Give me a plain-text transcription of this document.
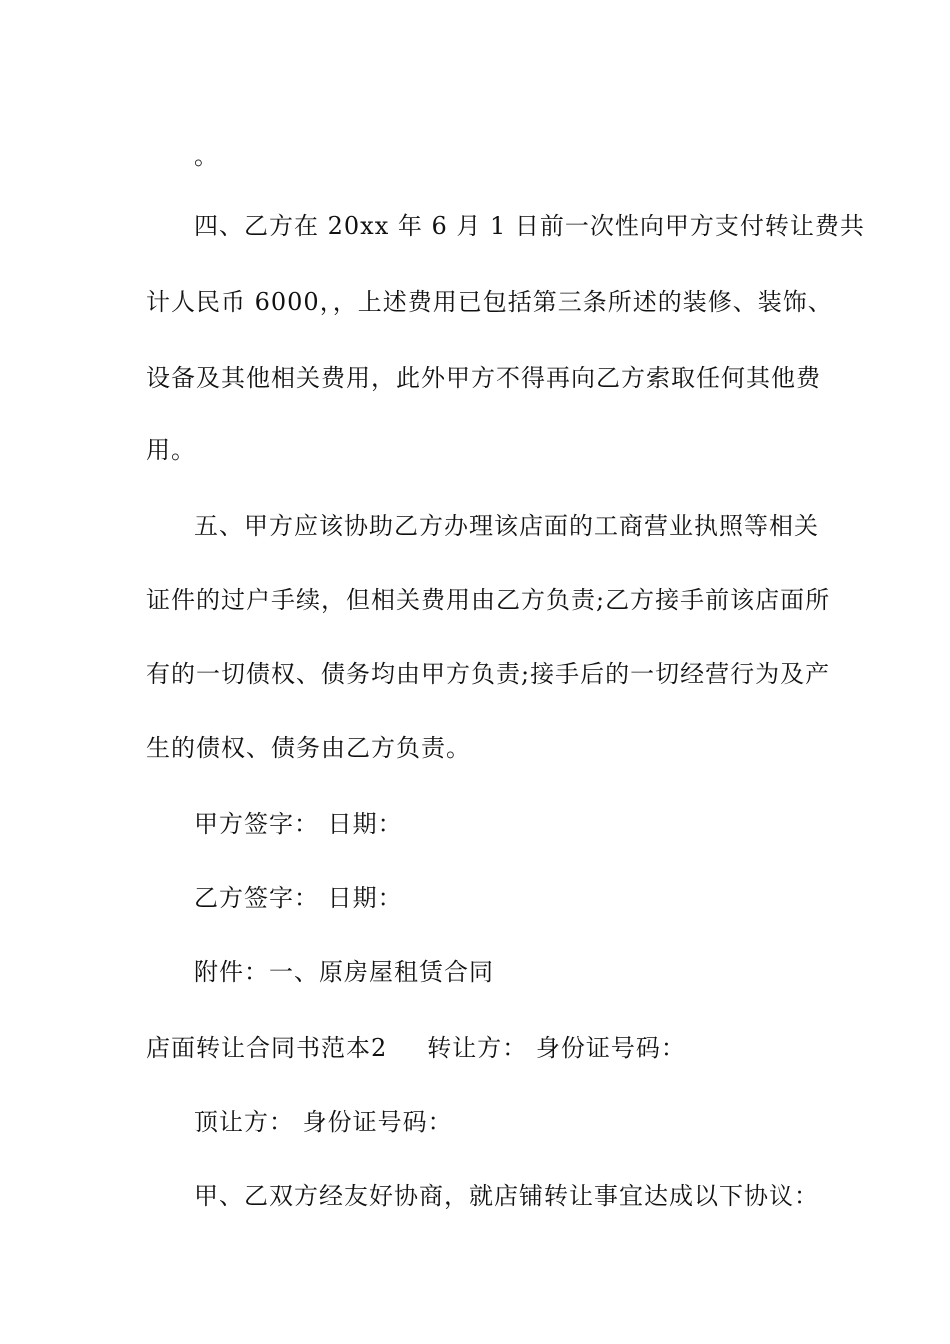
。
四、乙方在 20xx 年 6 月 1 日前一次性向甲方支付转让费共
计人民币 6000，，上述费用已包括第三条所述的装修、装饰、
设备及其他相关费用，此外甲方不得再向乙方索取任何其他费
用。
五、甲方应该协助乙方办理该店面的工商营业执照等相关
证件的过户手续，但相关费用由乙方负责;乙方接手前该店面所
有的一切债权、债务均由甲方负责;接手后的一切经营行为及产
生的债权、债务由乙方负责。
甲方签字： 日期：
乙方签字： 日期：
附件：一、原房屋租赁合同
店面转让合同书范本2 转让方： 身份证号码：
顶让方： 身份证号码：
甲、乙双方经友好协商，就店铺转让事宜达成以下协议：
